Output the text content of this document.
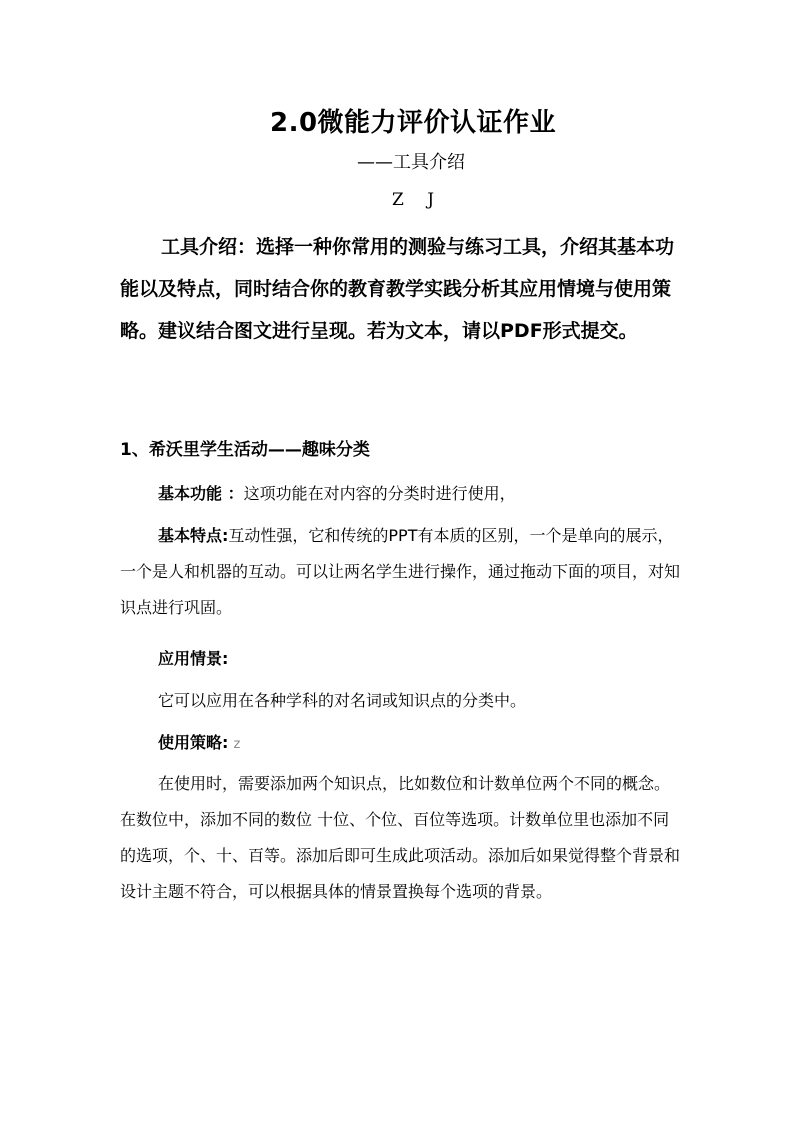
2.0微能力评价认证作业
——工具介绍
Z J

工具介绍：选择一种你常用的测验与练习工具，介绍其基本功能以及特点，同时结合你的教育教学实践分析其应用情境与使用策略。建议结合图文进行呈现。若为文本，请以PDF形式提交。

1、希沃里学生活动——趣味分类

基本功能 ：这项功能在对内容的分类时进行使用，

基本特点:互动性强，它和传统的PPT有本质的区别，一个是单向的展示，一个是人和机器的互动。可以让两名学生进行操作，通过拖动下面的项目，对知识点进行巩固。

应用情景:

它可以应用在各种学科的对名词或知识点的分类中。

使用策略: z

在使用时，需要添加两个知识点，比如数位和计数单位两个不同的概念。在数位中，添加不同的数位 十位、个位、百位等选项。计数单位里也添加不同的选项，个、十、百等。添加后即可生成此项活动。添加后如果觉得整个背景和设计主题不符合，可以根据具体的情景置换每个选项的背景。
